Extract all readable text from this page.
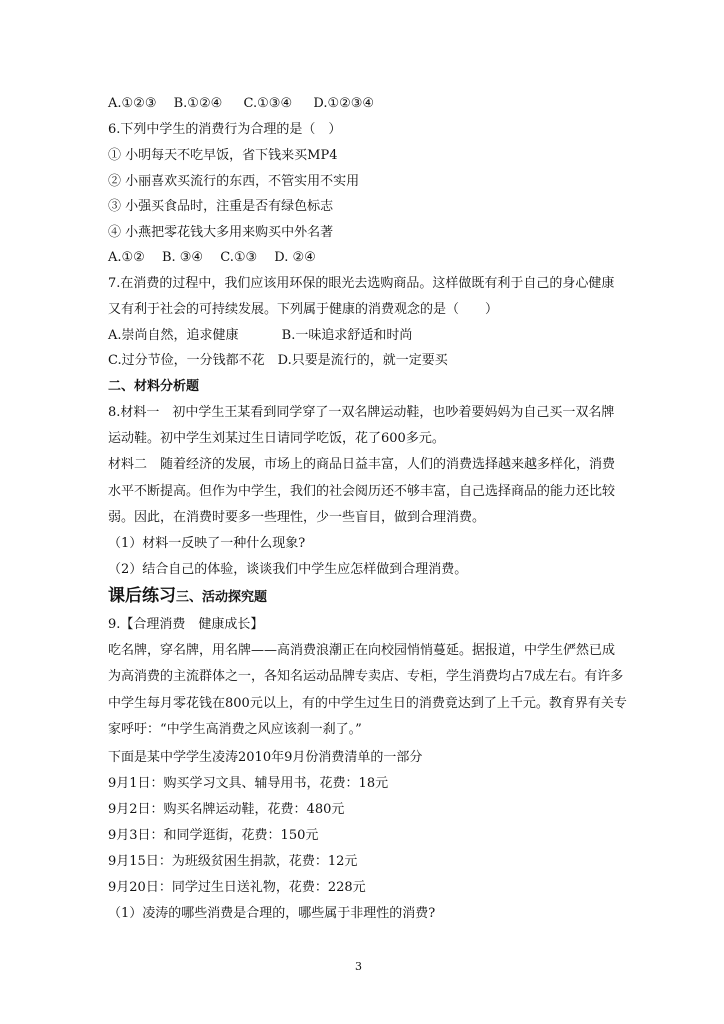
A.①②③　 B.①②④ 　 C.①③④ 　 D.①②③④
6.下列中学生的消费行为合理的是（　）
① 小明每天不吃早饭，省下钱来买MP4
② 小丽喜欢买流行的东西，不管实用不实用
③ 小强买食品时，注重是否有绿色标志
④ 小燕把零花钱大多用来购买中外名著
A.①② 　B. ③④ 　C.①③ 　D. ②④
7.在消费的过程中，我们应该用环保的眼光去选购商品。这样做既有利于自己的身心健康
又有利于社会的可持续发展。下列属于健康的消费观念的是（　　）
A.崇尚自然，追求健康　　　 B.一味追求舒适和时尚
C.过分节俭，一分钱都不花　D.只要是流行的，就一定要买
二、材料分析题
8.材料一　初中学生王某看到同学穿了一双名牌运动鞋，也吵着要妈妈为自己买一双名牌
运动鞋。初中学生刘某过生日请同学吃饭，花了600多元。
材料二　随着经济的发展，市场上的商品日益丰富，人们的消费选择越来越多样化，消费
水平不断提高。但作为中学生，我们的社会阅历还不够丰富，自己选择商品的能力还比较
弱。因此，在消费时要多一些理性，少一些盲目，做到合理消费。
（1）材料一反映了一种什么现象?
（2）结合自己的体验，谈谈我们中学生应怎样做到合理消费。
课后练习三、活动探究题
9.【合理消费　健康成长】
吃名牌，穿名牌，用名牌——高消费浪潮正在向校园悄悄蔓延。据报道，中学生俨然已成
为高消费的主流群体之一，各知名运动品牌专卖店、专柜，学生消费均占7成左右。有许多
中学生每月零花钱在800元以上，有的中学生过生日的消费竟达到了上千元。教育界有关专
家呼吁：“中学生高消费之风应该刹一刹了。”
下面是某中学学生凌涛2010年9月份消费清单的一部分
9月1日：购买学习文具、辅导用书，花费：18元
9月2日：购买名牌运动鞋，花费：480元
9月3日：和同学逛街，花费：150元
9月15日：为班级贫困生捐款，花费：12元
9月20日：同学过生日送礼物，花费：228元
（1）凌涛的哪些消费是合理的，哪些属于非理性的消费?
3
